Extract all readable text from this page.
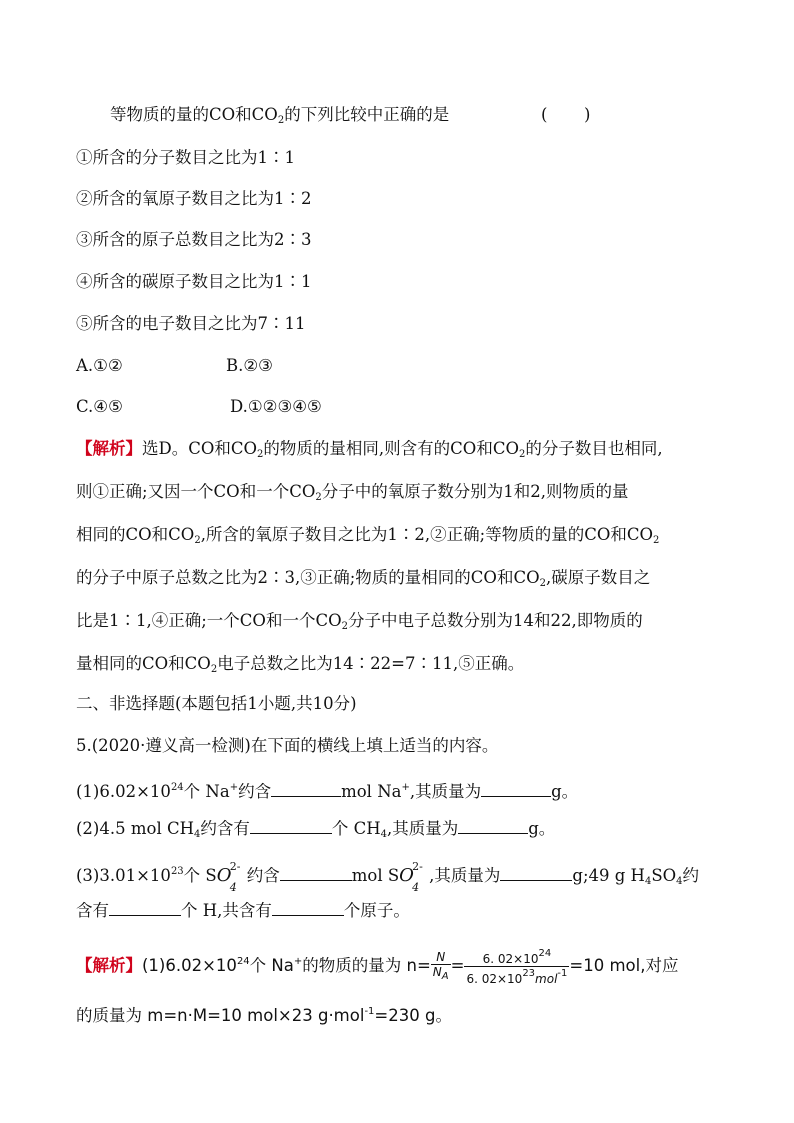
等物质的量的CO和$CO_2$的下列比较中正确的是	( )
①所含的分子数目之比为1∶1
②所含的氧原子数目之比为1∶2
③所含的原子总数目之比为2∶3
④所含的碳原子数目之比为1∶1
⑤所含的电子数目之比为7∶11
A.①②	B.②③
C.④⑤	D.①②③④⑤
【解析】选D。CO和$CO_2$的物质的量相同,则含有的CO和$CO_2$的分子数目也相同,
则①正确;又因一个CO和一个$CO_2$分子中的氧原子数分别为1和2,则物质的量
相同的CO和$CO_2$,所含的氧原子数目之比为1∶2,②正确;等物质的量的CO和$CO_2$
的分子中原子总数之比为2∶3,③正确;物质的量相同的CO和$CO_2$,碳原子数目之
比是1∶1,④正确;一个CO和一个$CO_2$分子中电子总数分别为14和22,即物质的
量相同的CO和$CO_2$电子总数之比为14∶22=7∶11,⑤正确。
二、非选择题(本题包括1小题,共10分)
5.(2020·遵义高一检测)在下面的横线上填上适当的内容。
$(1)6.02\times 10^{24}$个 Na+约含	mol Na+,其质量为	g。
(2)4.5 mol $CH_4$约含有	个 $CH_4$,其质量为	g。
$(3)3.01\times 10^{23}$个 SO
2-
4
约含	mol SO
2-
4
,其质量为	g;49 g $H_4SO_4$约
含有	个 H,共含有	个原子。
【解析】$(1)6.02\times 10^{24}$个 Na+的物质的量为 $n= \frac{N}{N_A} = \frac{6. 02\times 10^{24}}{6. 02\times 10^{23}mol^{-1}} =10$ mol,对应
的质量为 m=n·M=10 mol×23 g·mol$^{-1}$=230 g。
